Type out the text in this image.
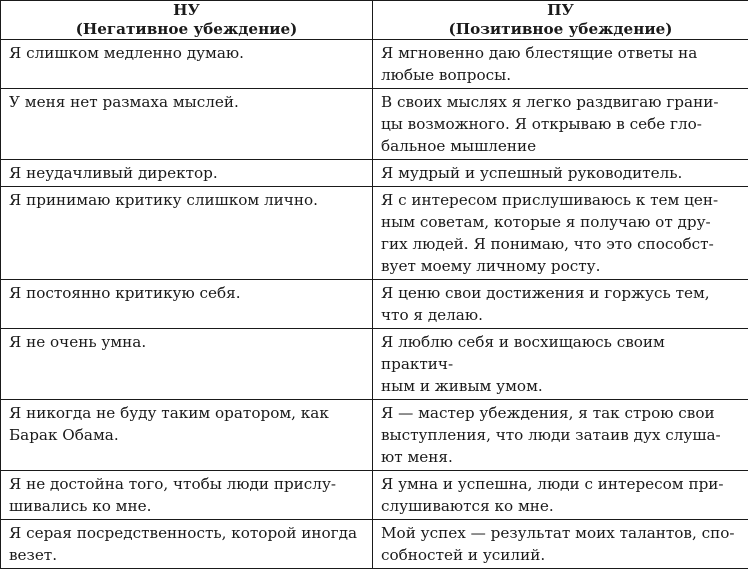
НУ
(Негативное убеждение)	ПУ
(Позитивное убеждение)

Я слишком медленно думаю.	Я мгновенно даю блестящие ответы на
любые вопросы.

У меня нет размаха мыслей.	В своих мыслях я легко раздвигаю грани-
цы возможного. Я открываю в себе гло-
бальное мышление

Я неудачливый директор.	Я мудрый и успешный руководитель.

Я принимаю критику слишком лично.	Я с интересом прислушиваюсь к тем цен-
ным советам, которые я получаю от дру-
гих людей. Я понимаю, что это способст-
вует моему личному росту.

Я постоянно критикую себя.	Я ценю свои достижения и горжусь тем,
что я делаю.

Я не очень умна.	Я люблю себя и восхищаюсь своим практич-
ным и живым умом.

Я никогда не буду таким оратором, как
Барак Обама.	Я — мастер убеждения, я так строю свои
выступления, что люди затаив дух слуша-
ют меня.

Я не достойна того, чтобы люди прислу-
шивались ко мне.	Я умна и успешна, люди с интересом при-
слушиваются ко мне.

Я серая посредственность, которой иногда
везет.	Мой успех — результат моих талантов, спо-
собностей и усилий.
